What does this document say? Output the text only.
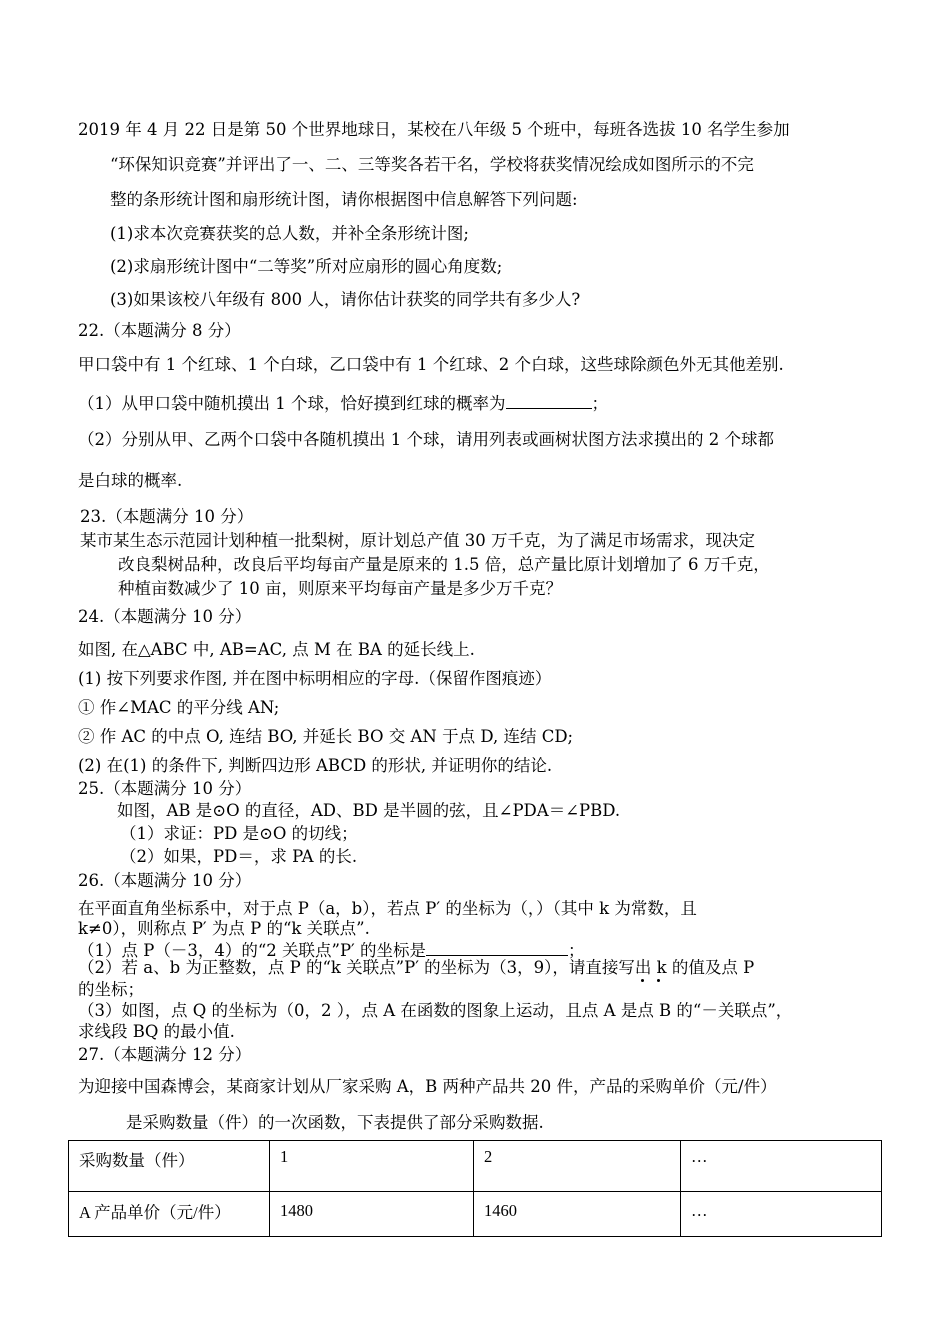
2019 年 4 月 22 日是第 50 个世界地球日，某校在八年级 5 个班中，每班各选拔 10 名学生参加
“环保知识竞赛”并评出了一、二、三等奖各若干名，学校将获奖情况绘成如图所示的不完
整的条形统计图和扇形统计图，请你根据图中信息解答下列问题:
(1)求本次竞赛获奖的总人数，并补全条形统计图;
(2)求扇形统计图中“二等奖”所对应扇形的圆心角度数;
(3)如果该校八年级有 800 人，请你估计获奖的同学共有多少人?
22.（本题满分 8 分）
甲口袋中有 1 个红球、1 个白球，乙口袋中有 1 个红球、2 个白球，这些球除颜色外无其他差别.
（1）从甲口袋中随机摸出 1 个球，恰好摸到红球的概率为	；
（2）分别从甲、乙两个口袋中各随机摸出 1 个球，请用列表或画树状图方法求摸出的 2 个球都
是白球的概率.
23.（本题满分 10 分）
某市某生态示范园计划种植一批梨树，原计划总产值 30 万千克，为了满足市场需求，现决定
改良梨树品种，改良后平均每亩产量是原来的 1.5 倍，总产量比原计划增加了 6 万千克，
种植亩数减少了 10 亩，则原来平均每亩产量是多少万千克？
24.（本题满分 10 分）
如图, 在△ABC 中, AB=AC, 点 M 在 BA 的延长线上.
(1) 按下列要求作图, 并在图中标明相应的字母.（保留作图痕迹）
① 作∠MAC 的平分线 AN;
② 作 AC 的中点 O, 连结 BO, 并延长 BO 交 AN 于点 D, 连结 CD;
(2) 在(1) 的条件下, 判断四边形 ABCD 的形状, 并证明你的结论.
25.（本题满分 10 分）
如图，AB 是⊙O 的直径，AD、BD 是半圆的弦，且∠PDA＝∠PBD.
（1）求证：PD 是⊙O 的切线；
（2）如果，PD＝，求 PA 的长.
26.（本题满分 10 分）
在平面直角坐标系中，对于点 P（a，b），若点 P′ 的坐标为（，）（其中 k 为常数，且
k≠0），则称点 P′ 为点 P 的“k 关联点”.
（1）点 P（－3，4）的“2 关联点”P′ 的坐标是	；
（2）若 a、b 为正整数，点 P 的“k 关联点”P′ 的坐标为（3，9），请直接写出 k 的值及点 P
的坐标；
（3）如图，点 Q 的坐标为（0，2 ），点 A 在函数的图象上运动，且点 A 是点 B 的“－关联点”，
求线段 BQ 的最小值.
27.（本题满分 12 分）
为迎接中国森博会，某商家计划从厂家采购 A，B 两种产品共 20 件，产品的采购单价（元/件）
是采购数量（件）的一次函数，下表提供了部分采购数据.
采购数量（件）	1	2	…
A 产品单价（元/件）	1480	1460	…
